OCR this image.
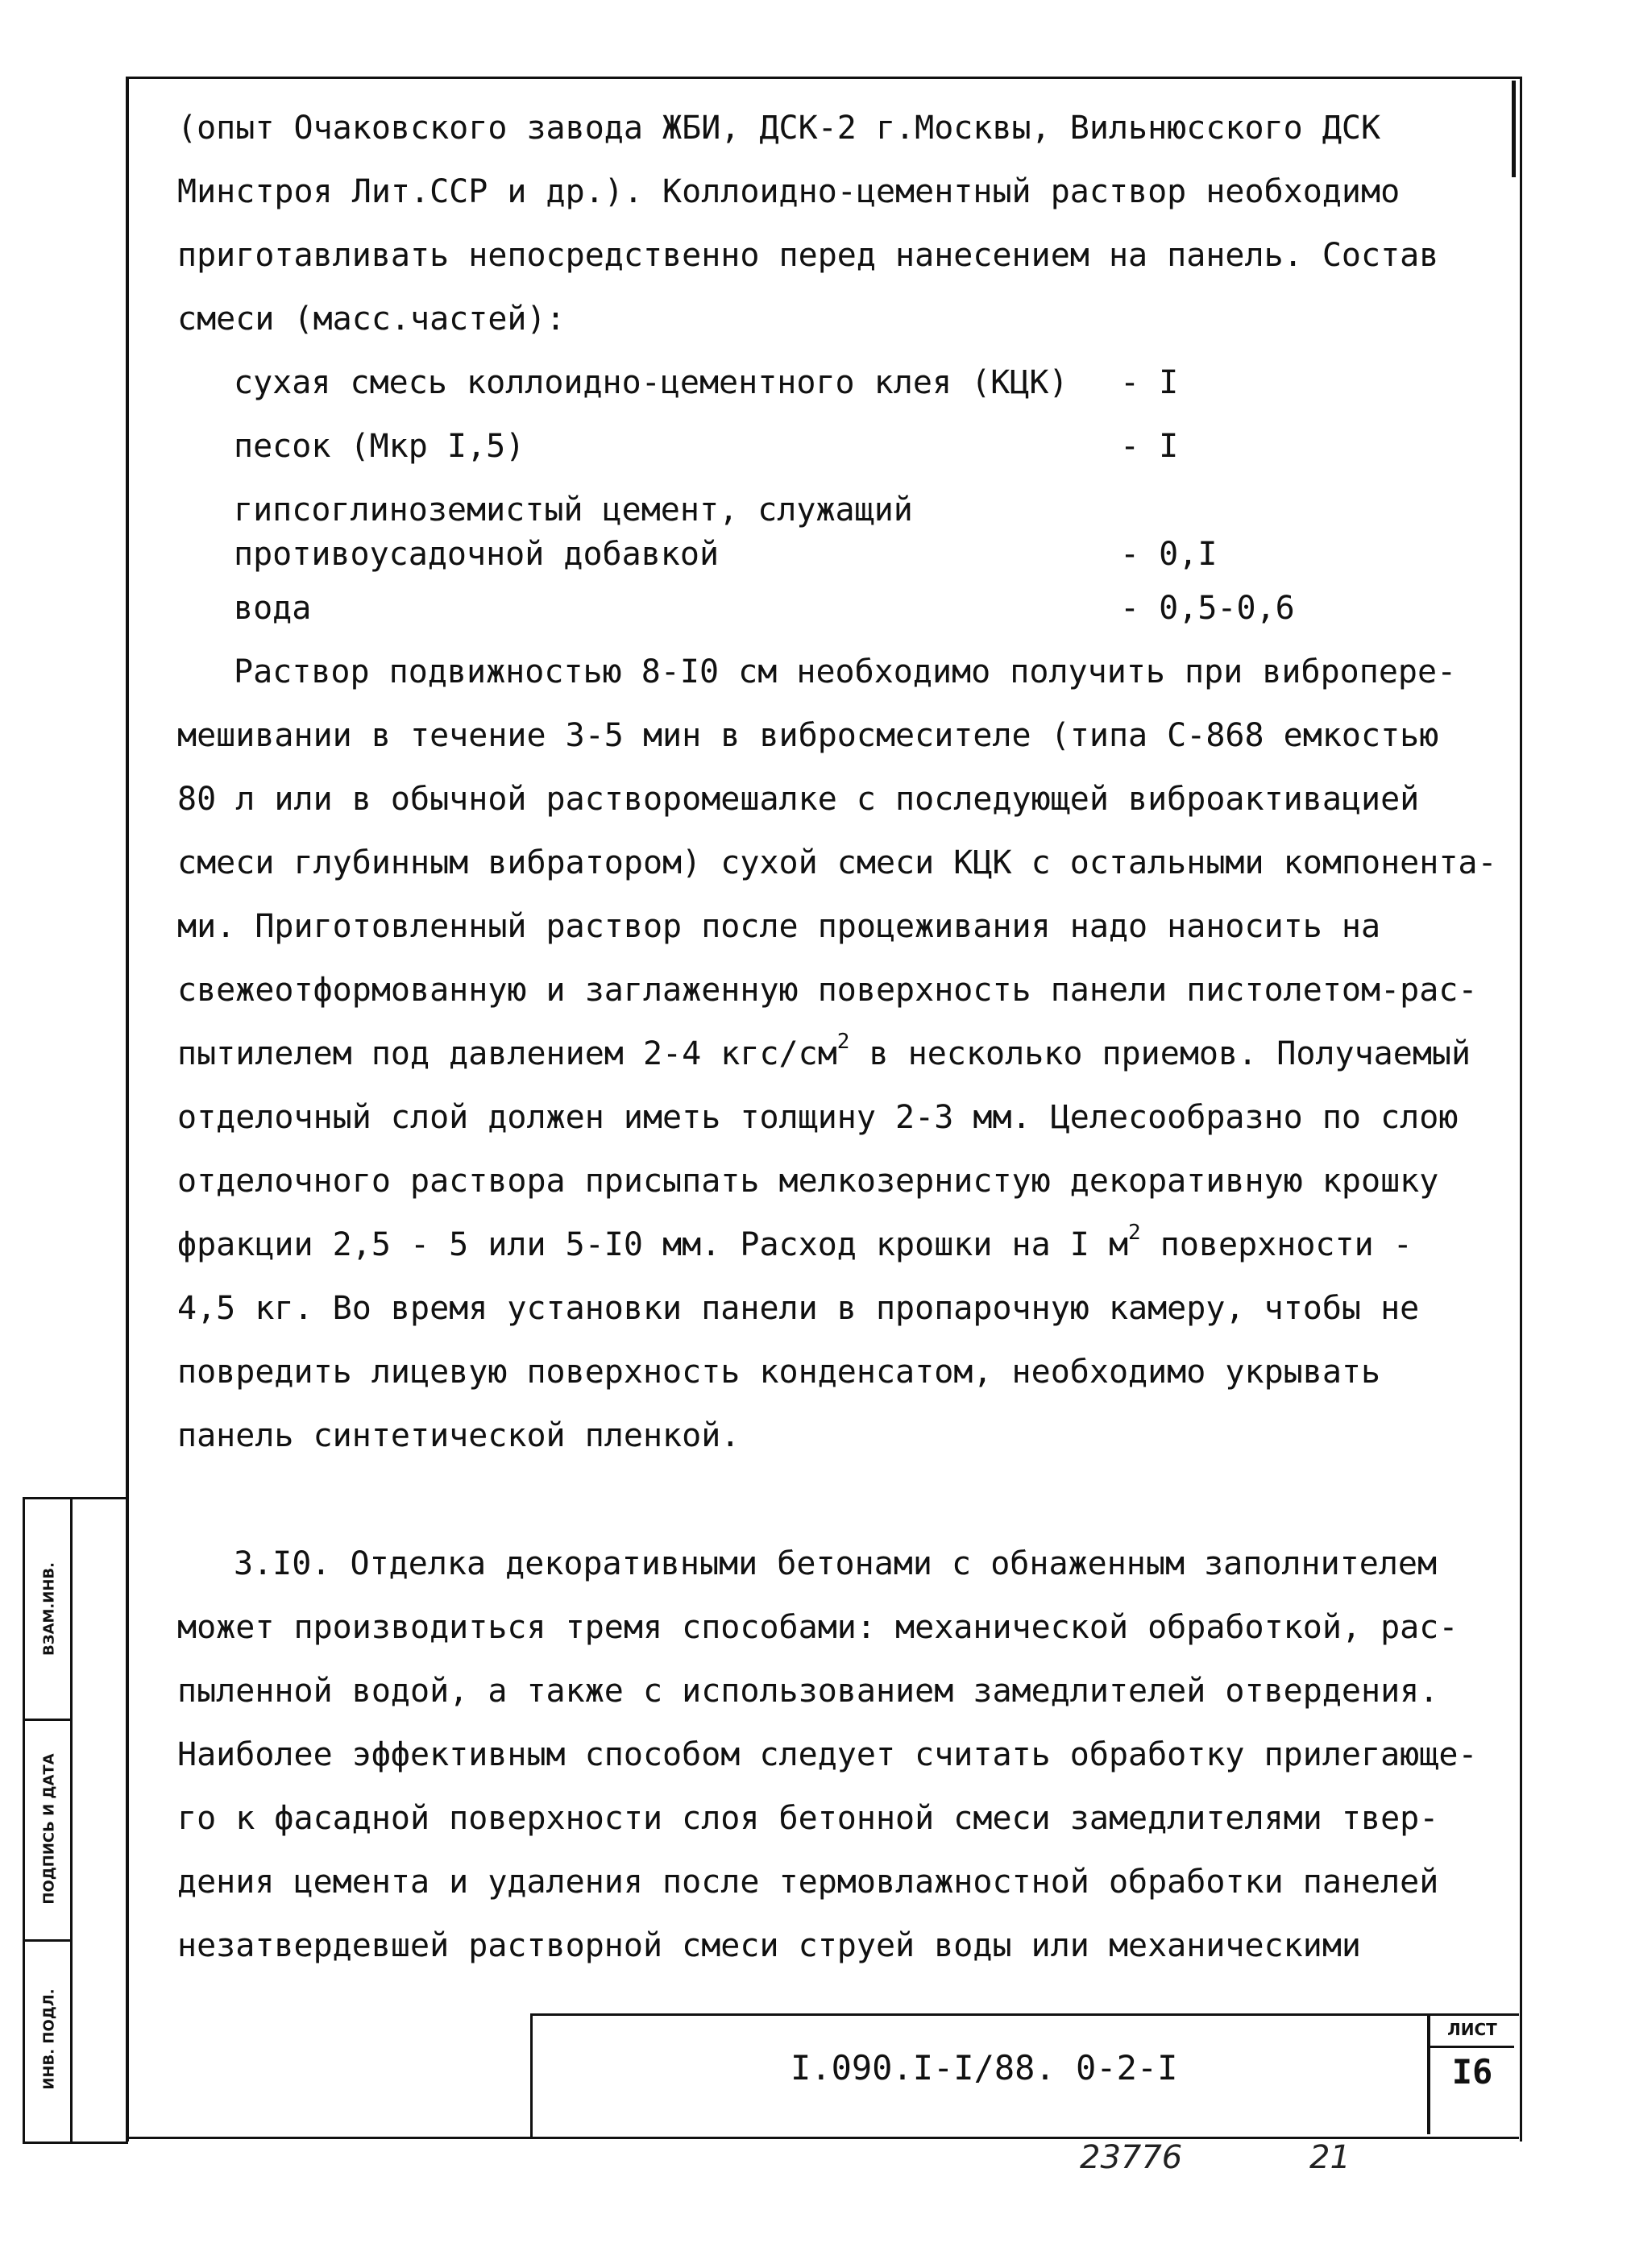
(опыт Очаковского завода ЖБИ, ДСК-2 г.Москвы, Вильнюсского ДСК
Минстроя Лит.ССР и др.). Коллоидно-цементный раствор необходимо
приготавливать непосредственно перед нанесением на панель. Состав
смеси (масс.частей):
сухая смесь коллоидно-цементного клея (КЦК) - I
песок (Мкр I,5)	- I
гипсоглиноземистый цемент, служащий
противоусадочной добавкой	- 0,I
вода	- 0,5-0,6
Раствор подвижностью 8-I0 см необходимо получить при вибропере-
мешивании в течение 3-5 мин в вибросмесителе (типа С-868 емкостью
80 л или в обычной растворомешалке с последующей виброактивацией
смеси глубинным вибратором) сухой смеси КЦК с остальными компонента-
ми. Приготовленный раствор после процеживания надо наносить на
свежеотформованную и заглаженную поверхность панели пистолетом-рас-
пытилелем под давлением 2-4 кгс/$см^2$ в несколько приемов. Получаемый
отделочный слой должен иметь толщину 2-3 мм. Целесообразно по слою
отделочного раствора присыпать мелкозернистую декоративную крошку
фракции 2,5 - 5 или 5-I0 мм. Расход крошки на I $м^2$ поверхности -
4,5 кг. Во время установки панели в пропарочную камеру, чтобы не
повредить лицевую поверхность конденсатом, необходимо укрывать
панель синтетической пленкой.
3.I0. Отделка декоративными бетонами с обнаженным заполнителем
может производиться тремя способами: механической обработкой, рас-
пыленной водой, а также с использованием замедлителей отвердения.
Наиболее эффективным способом следует считать обработку прилегающе-
го к фасадной поверхности слоя бетонной смеси замедлителями твер-
дения цемента и удаления после термовлажностной обработки панелей
незатвердевшей растворной смеси струей воды или механическими
ВЗАМ.ИНВ.
ПОДПИСЬ И ДАТА
ИНВ. ПОДЛ.	I.090.I-I/88. 0-2-I
ЛИСТ
I6
23776	21
